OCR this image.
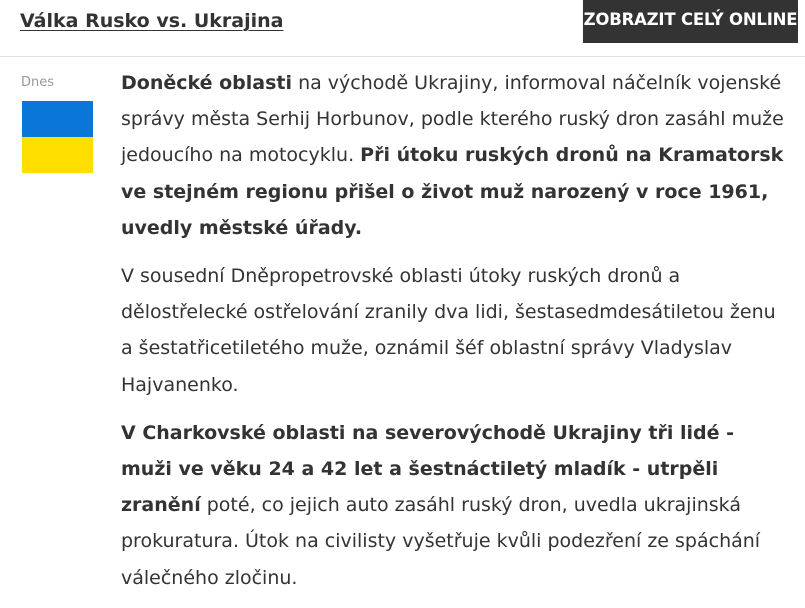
Válka Rusko vs. Ukrajina	ZOBRAZIT CELÝ ONLINE
Dnes	Doněcké oblasti na východě Ukrajiny, informoval náčelník vojenské správy města Serhij Horbunov, podle kterého ruský dron zasáhl muže jedoucího na motocyklu. Při útoku ruských dronů na Kramatorsk ve stejném regionu přišel o život muž narozený v roce 1961, uvedly městské úřady.

V sousední Dněpropetrovské oblasti útoky ruských dronů a dělostřelecké ostřelování zranily dva lidi, šestasedmdesátiletou ženu a šestatřicetiletého muže, oznámil šéf oblastní správy Vladyslav Hajvanenko.

V Charkovské oblasti na severovýchodě Ukrajiny tři lidé - muži ve věku 24 a 42 let a šestnáctiletý mladík - utrpěli zranění poté, co jejich auto zasáhl ruský dron, uvedla ukrajinská prokuratura. Útok na civilisty vyšetřuje kvůli podezření ze spáchání válečného zločinu.
